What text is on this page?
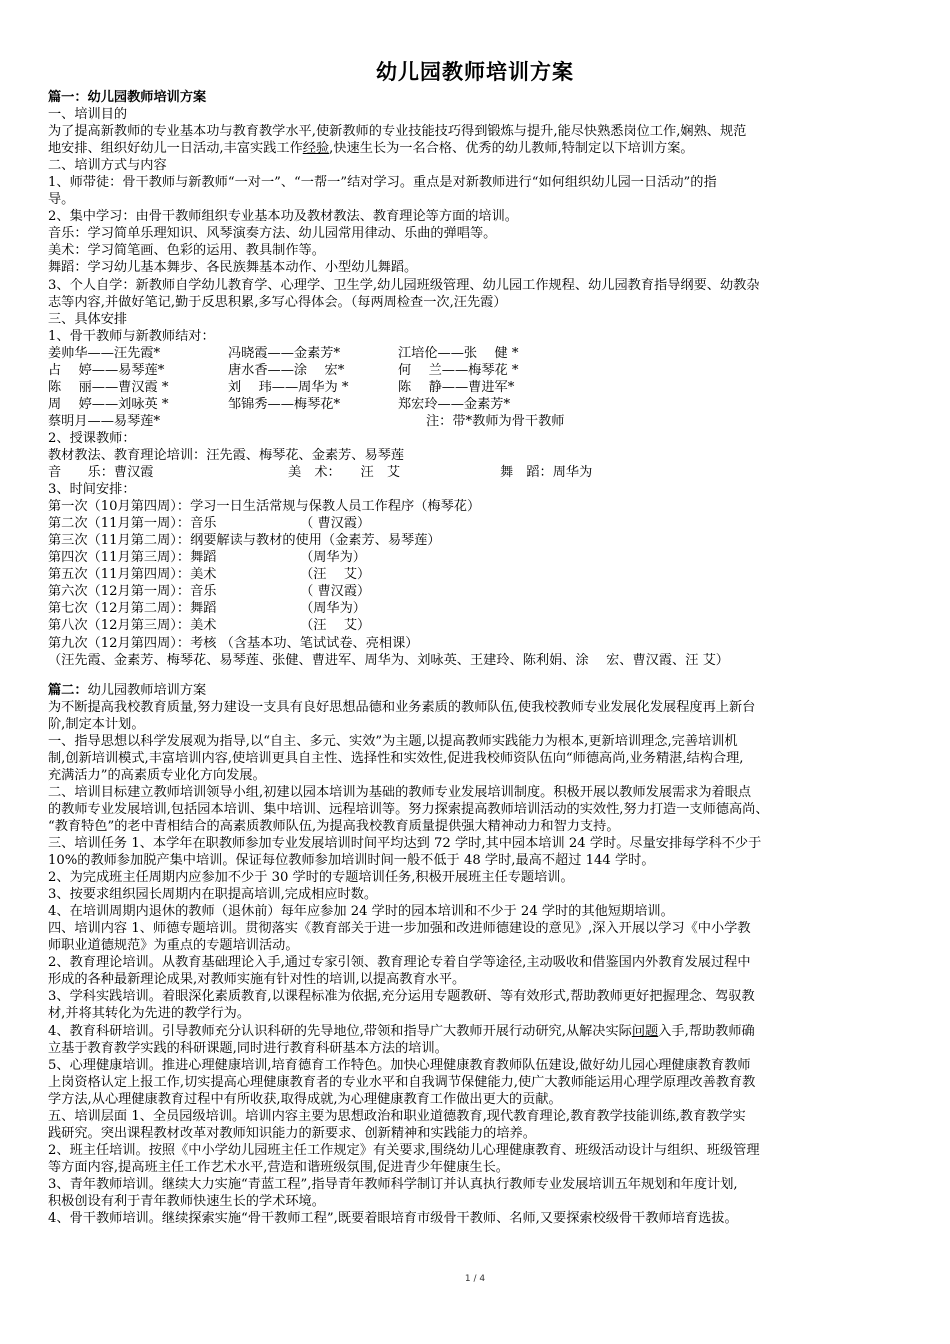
幼儿园教师培训方案
篇一：幼儿园教师培训方案
一、培训目的
为了提高新教师的专业基本功与教育教学水平,使新教师的专业技能技巧得到锻炼与提升,能尽快熟悉岗位工作,娴熟、规范
地安排、组织好幼儿一日活动,丰富实践工作经验,快速生长为一名合格、优秀的幼儿教师,特制定以下培训方案。
二、培训方式与内容
1、师带徒：骨干教师与新教师“一对一”、“一帮一”结对学习。重点是对新教师进行“如何组织幼儿园一日活动”的指
导。
2、集中学习：由骨干教师组织专业基本功及教材教法、教育理论等方面的培训。
音乐：学习简单乐理知识、风琴演奏方法、幼儿园常用律动、乐曲的弹唱等。
美术：学习简笔画、色彩的运用、教具制作等。
舞蹈：学习幼儿基本舞步、各民族舞基本动作、小型幼儿舞蹈。
3、个人自学：新教师自学幼儿教育学、心理学、卫生学,幼儿园班级管理、幼儿园工作规程、幼儿园教育指导纲要、幼教杂
志等内容,并做好笔记,勤于反思积累,多写心得体会。（每两周检查一次,汪先霞）
三、具体安排
1、骨干教师与新教师结对：
姜帅华——汪先霞*	冯晓霞——金素芳*	江培伦——张　 健 *
占　 婷——易琴莲*	唐水香——涂　 宏*	何　 兰——梅琴花 *
陈　 丽——曹汉霞 *	刘　 玮——周华为 *	陈　 静——曹进军*
周　 婷——刘咏英 *	邹锦秀——梅琴花*	郑宏玲——金素芳*
蔡明月——易琴莲*	注：带*教师为骨干教师
2、授课教师：
教材教法、教育理论培训：汪先霞、梅琴花、金素芳、易琴莲
音　　乐：曹汉霞	美　术：　　汪　艾	舞　蹈：周华为
3、时间安排：
第一次（10月第四周）：学习一日生活常规与保教人员工作程序（梅琴花）
第二次（11月第一周）：音乐	（ 曹汉霞）
第三次（11月第二周）：纲要解读与教材的使用（金素芳、易琴莲）
第四次（11月第三周）：舞蹈	（周华为）
第五次（11月第四周）：美术	（汪　 艾）
第六次（12月第一周）：音乐	（ 曹汉霞）
第七次（12月第二周）：舞蹈	（周华为）
第八次（12月第三周）：美术	（汪　 艾）
第九次（12月第四周）：考核 （含基本功、笔试试卷、亮相课）
（汪先霞、金素芳、梅琴花、易琴莲、张健、曹进军、周华为、刘咏英、王建玲、陈利娟、涂　 宏、曹汉霞、汪 艾）
篇二：幼儿园教师培训方案
为不断提高我校教育质量,努力建设一支具有良好思想品德和业务素质的教师队伍,使我校教师专业发展化发展程度再上新台
阶,制定本计划。
一、指导思想以科学发展观为指导,以“自主、多元、实效”为主题,以提高教师实践能力为根本,更新培训理念,完善培训机
制,创新培训模式,丰富培训内容,使培训更具自主性、选择性和实效性,促进我校师资队伍向“师德高尚,业务精湛,结构合理,
充满活力”的高素质专业化方向发展。
二、培训目标建立教师培训领导小组,初建以园本培训为基础的教师专业发展培训制度。积极开展以教师发展需求为着眼点
的教师专业发展培训,包括园本培训、集中培训、远程培训等。努力探索提高教师培训活动的实效性,努力打造一支师德高尚、
“教育特色”的老中青相结合的高素质教师队伍,为提高我校教育质量提供强大精神动力和智力支持。
三、培训任务 1、本学年在职教师参加专业发展培训时间平均达到 72 学时,其中园本培训 24 学时。尽量安排每学科不少于
10%的教师参加脱产集中培训。保证每位教师参加培训时间一般不低于 48 学时,最高不超过 144 学时。
2、为完成班主任周期内应参加不少于 30 学时的专题培训任务,积极开展班主任专题培训。
3、按要求组织园长周期内在职提高培训,完成相应时数。
4、在培训周期内退休的教师（退休前）每年应参加 24 学时的园本培训和不少于 24 学时的其他短期培训。
四、培训内容 1、师德专题培训。贯彻落实《教育部关于进一步加强和改进师德建设的意见》,深入开展以学习《中小学教
师职业道德规范》为重点的专题培训活动。
2、教育理论培训。从教育基础理论入手,通过专家引领、教育理论专着自学等途径,主动吸收和借鉴国内外教育发展过程中
形成的各种最新理论成果,对教师实施有针对性的培训,以提高教育水平。
3、学科实践培训。着眼深化素质教育,以课程标准为依据,充分运用专题教研、等有效形式,帮助教师更好把握理念、驾驭教
材,并将其转化为先进的教学行为。
4、教育科研培训。引导教师充分认识科研的先导地位,带领和指导广大教师开展行动研究,从解决实际问题入手,帮助教师确
立基于教育教学实践的科研课题,同时进行教育科研基本方法的培训。
5、心理健康培训。推进心理健康培训,培育德育工作特色。加快心理健康教育教师队伍建设,做好幼儿园心理健康教育教师
上岗资格认定上报工作,切实提高心理健康教育者的专业水平和自我调节保健能力,使广大教师能运用心理学原理改善教育教
学方法,从心理健康教育过程中有所收获,取得成就,为心理健康教育工作做出更大的贡献。
五、培训层面 1、全员园级培训。培训内容主要为思想政治和职业道德教育,现代教育理论,教育教学技能训练,教育教学实
践研究。突出课程教材改革对教师知识能力的新要求、创新精神和实践能力的培养。
2、班主任培训。按照《中小学幼儿园班主任工作规定》有关要求,围绕幼儿心理健康教育、班级活动设计与组织、班级管理
等方面内容,提高班主任工作艺术水平,营造和谐班级氛围,促进青少年健康生长。
3、青年教师培训。继续大力实施“青蓝工程”,指导青年教师科学制订并认真执行教师专业发展培训五年规划和年度计划,
积极创设有利于青年教师快速生长的学术环境。
4、骨干教师培训。继续探索实施“骨干教师工程”,既要着眼培育市级骨干教师、名师,又要探索校级骨干教师培育选拔。
1 / 4
